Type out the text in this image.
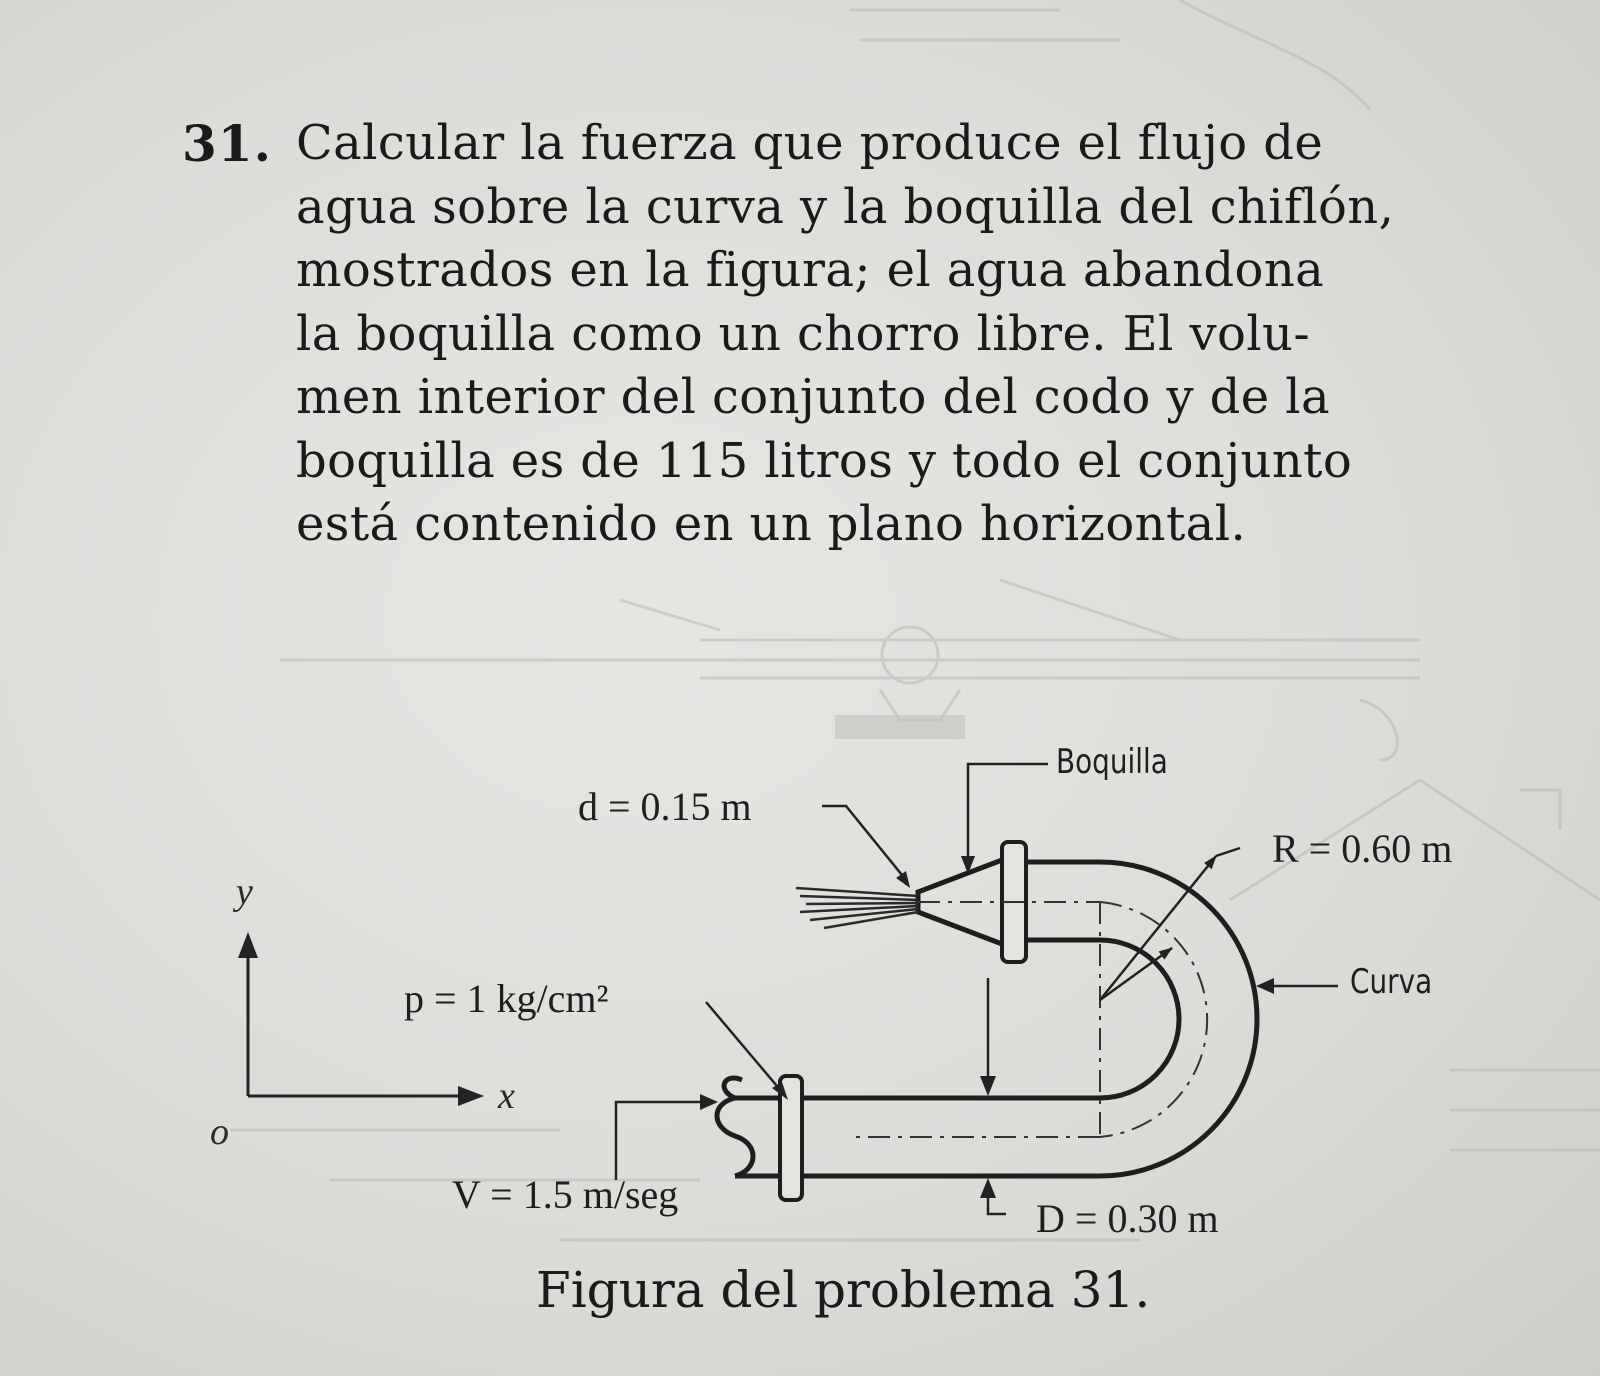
31. Calcular la fuerza que produce el flujo de
agua sobre la curva y la boquilla del chiflón,
mostrados en la figura; el agua abandona
la boquilla como un chorro libre. El volu-
men interior del conjunto del codo y de la
boquilla es de 115 litros y todo el conjunto
está contenido en un plano horizontal.
y
x
o
Boquilla
d = 0.15 m
R = 0.60 m
Curva
p = 1 kg/cm²
V = 1.5 m/seg
D = 0.30 m
Figura del problema 31.
